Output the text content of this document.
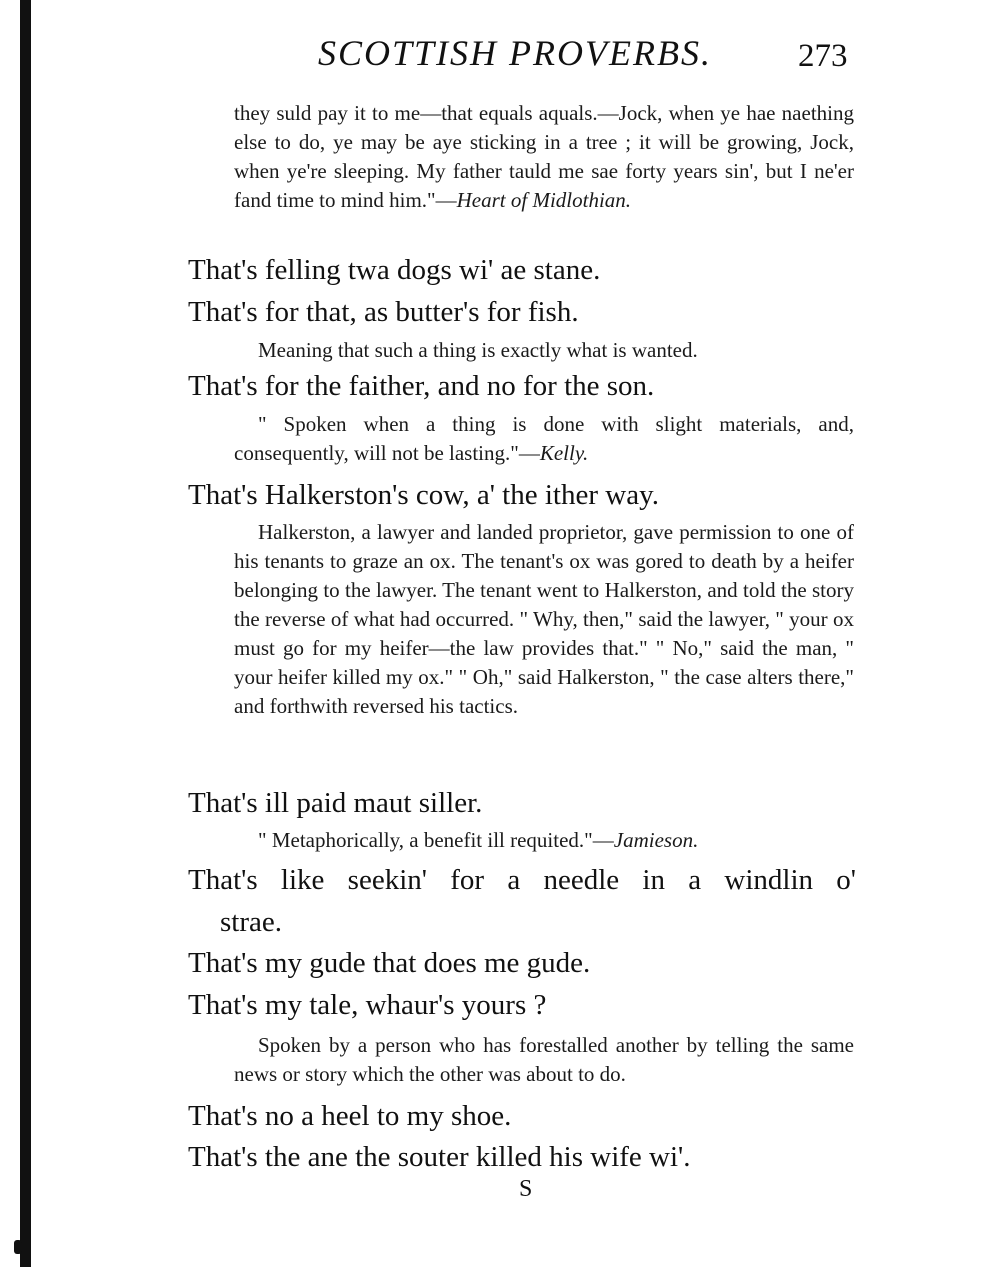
SCOTTISH PROVERBS.	273

they suld pay it to me—that equals aquals.—Jock, when ye hae naething else to do, ye may be aye sticking in a tree ; it will be growing, Jock, when ye're sleeping. My father tauld me sae forty years sin', but I ne'er fand time to mind him."—Heart of Midlothian.

That's felling twa dogs wi' ae stane.

That's for that, as butter's for fish.

Meaning that such a thing is exactly what is wanted.

That's for the faither, and no for the son.

" Spoken when a thing is done with slight materials, and, consequently, will not be lasting."—Kelly.

That's Halkerston's cow, a' the ither way.

Halkerston, a lawyer and landed proprietor, gave permission to one of his tenants to graze an ox. The tenant's ox was gored to death by a heifer belonging to the lawyer. The tenant went to Halkerston, and told the story the reverse of what had occurred. " Why, then," said the lawyer, " your ox must go for my heifer—the law provides that." " No," said the man, " your heifer killed my ox." " Oh," said Halkerston, " the case alters there," and forthwith reversed his tactics.

That's ill paid maut siller.

" Metaphorically, a benefit ill requited."—Jamieson.

That's like seekin' for a needle in a windlin o'
strae.

That's my gude that does me gude.

That's my tale, whaur's yours ?

Spoken by a person who has forestalled another by telling the same news or story which the other was about to do.

That's no a heel to my shoe.

That's the ane the souter killed his wife wi'.

S
